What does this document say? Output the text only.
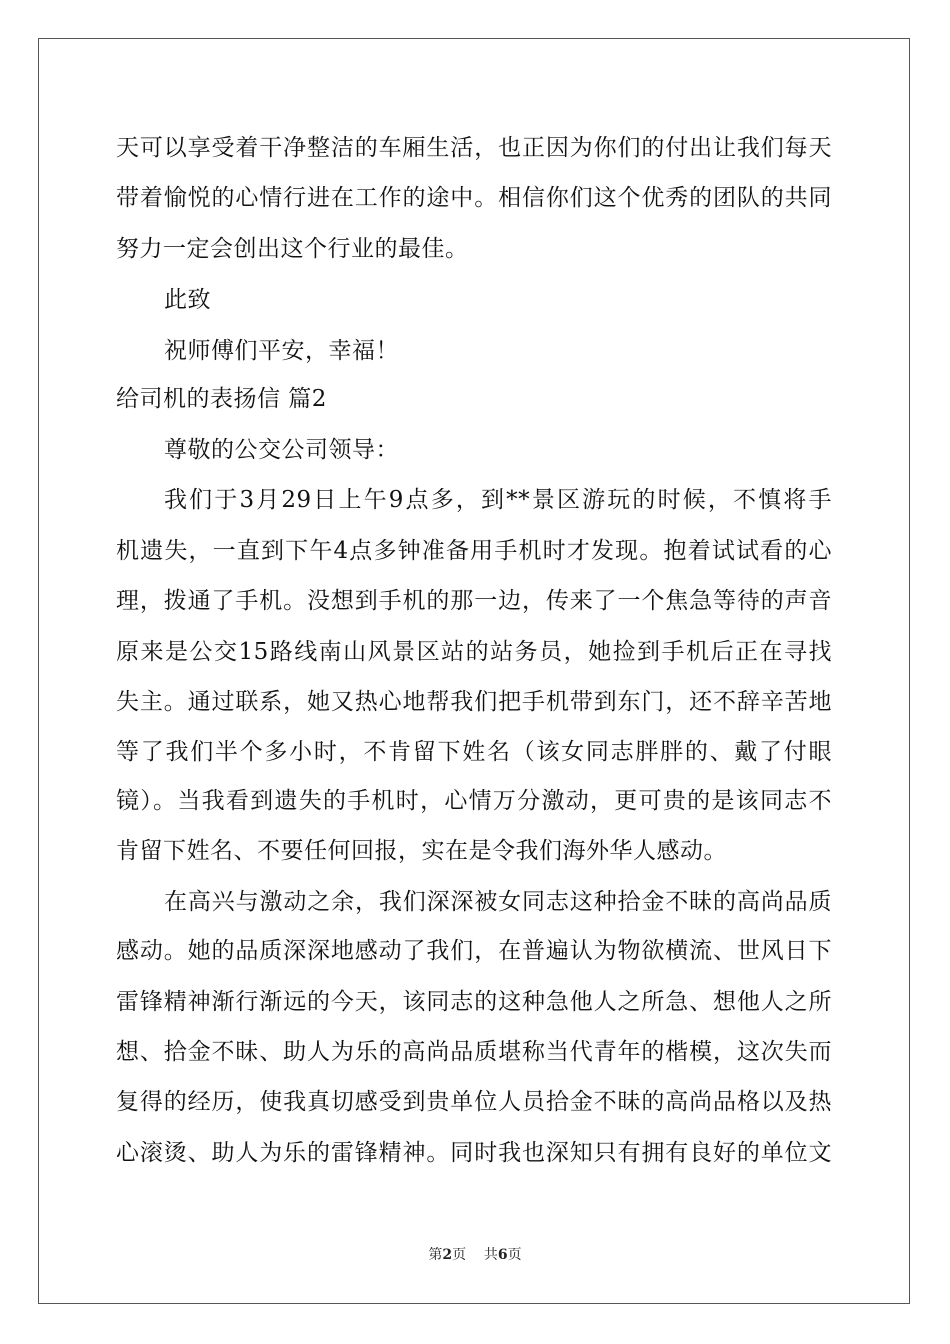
天可以享受着干净整洁的车厢生活，也正因为你们的付出让我们每天
带着愉悦的心情行进在工作的途中。相信你们这个优秀的团队的共同
努力一定会创出这个行业的最佳。
此致
祝师傅们平安，幸福！
给司机的表扬信 篇2
尊敬的公交公司领导：
我们于3月29日上午9点多，到**景区游玩的时候，不慎将手
机遗失，一直到下午4点多钟准备用手机时才发现。抱着试试看的心
理，拨通了手机。没想到手机的那一边，传来了一个焦急等待的声音
原来是公交15路线南山风景区站的站务员，她捡到手机后正在寻找
失主。通过联系，她又热心地帮我们把手机带到东门，还不辞辛苦地
等了我们半个多小时，不肯留下姓名（该女同志胖胖的、戴了付眼
镜）。当我看到遗失的手机时，心情万分激动，更可贵的是该同志不
肯留下姓名、不要任何回报，实在是令我们海外华人感动。
在高兴与激动之余，我们深深被女同志这种拾金不昧的高尚品质
感动。她的品质深深地感动了我们，在普遍认为物欲横流、世风日下
雷锋精神渐行渐远的今天，该同志的这种急他人之所急、想他人之所
想、拾金不昧、助人为乐的高尚品质堪称当代青年的楷模，这次失而
复得的经历，使我真切感受到贵单位人员拾金不昧的高尚品格以及热
心滚烫、助人为乐的雷锋精神。同时我也深知只有拥有良好的单位文
第2页 共6页
